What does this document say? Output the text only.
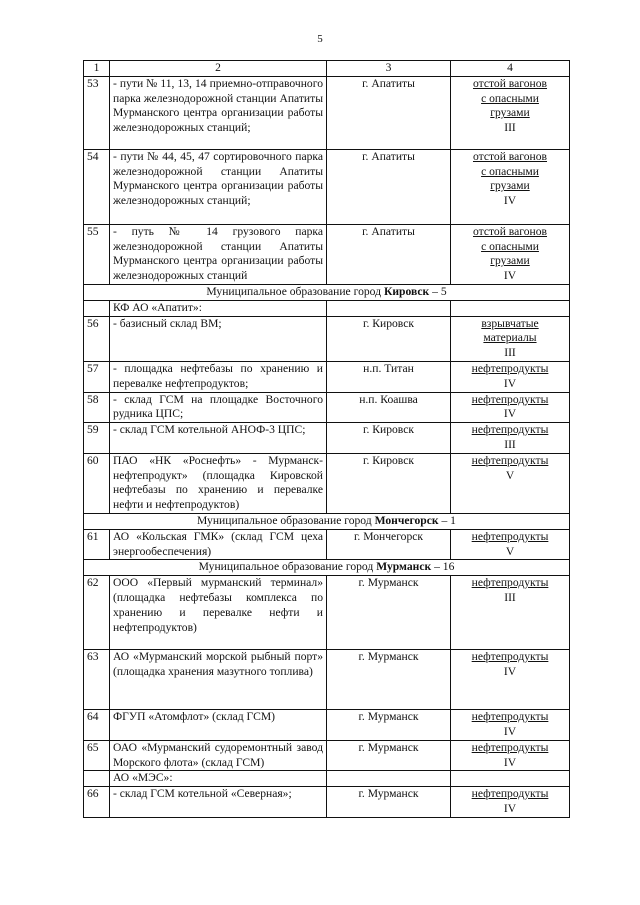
5
1	2	3	4
53	- пути № 11, 13, 14 приемно-отправочного парка железнодорожной станции Апатиты Мурманского центра организации работы железнодорожных станций;	г. Апатиты	отстой вагонов
с опасными
грузами
III

54	- пути № 44, 45, 47 сортировочного парка железнодорожной станции Апатиты Мурманского центра организации работы железнодорожных станций;	г. Апатиты	отстой вагонов
с опасными
грузами
IV

55	- путь № 14 грузового парка железнодорожной станции Апатиты Мурманского центра организации работы железнодорожных станций	г. Апатиты	отстой вагонов
с опасными
грузами
IV

Муниципальное образование город Кировск – 5			
	КФ АО «Апатит»:		
56	- базисный склад ВМ;	г. Кировск	взрывчатые
материалы
III

57	- площадка нефтебазы по хранению и перевалке нефтепродуктов;	н.п. Титан	нефтепродукты
IV

58	- склад ГСМ на площадке Восточного рудника ЦПС;	н.п. Коашва	нефтепродукты
IV

59	- склад ГСМ котельной АНОФ-3 ЦПС;	г. Кировск	нефтепродукты
III

60	ПАО «НК «Роснефть» - Мурманск-нефтепродукт» (площадка Кировской нефтебазы по хранению и перевалке нефти и нефтепродуктов)	г. Кировск	нефтепродукты
V

Муниципальное образование город Мончегорск – 1			
61	АО «Кольская ГМК» (склад ГСМ цеха энергообеспечения)	г. Мончегорск	нефтепродукты
V

Муниципальное образование город Мурманск – 16			
62	ООО «Первый мурманский терминал» (площадка нефтебазы комплекса по хранению и перевалке нефти и нефтепродуктов)	г. Мурманск	нефтепродукты
III

63	АО «Мурманский морской рыбный порт» (площадка хранения мазутного топлива)	г. Мурманск	нефтепродукты
IV

64	ФГУП «Атомфлот» (склад ГСМ)	г. Мурманск	нефтепродукты
IV

65	ОАО «Мурманский судоремонтный завод Морского флота» (склад ГСМ)	г. Мурманск	нефтепродукты
IV

	АО «МЭС»:		
66	- склад ГСМ котельной «Северная»;	г. Мурманск	нефтепродукты
IV
